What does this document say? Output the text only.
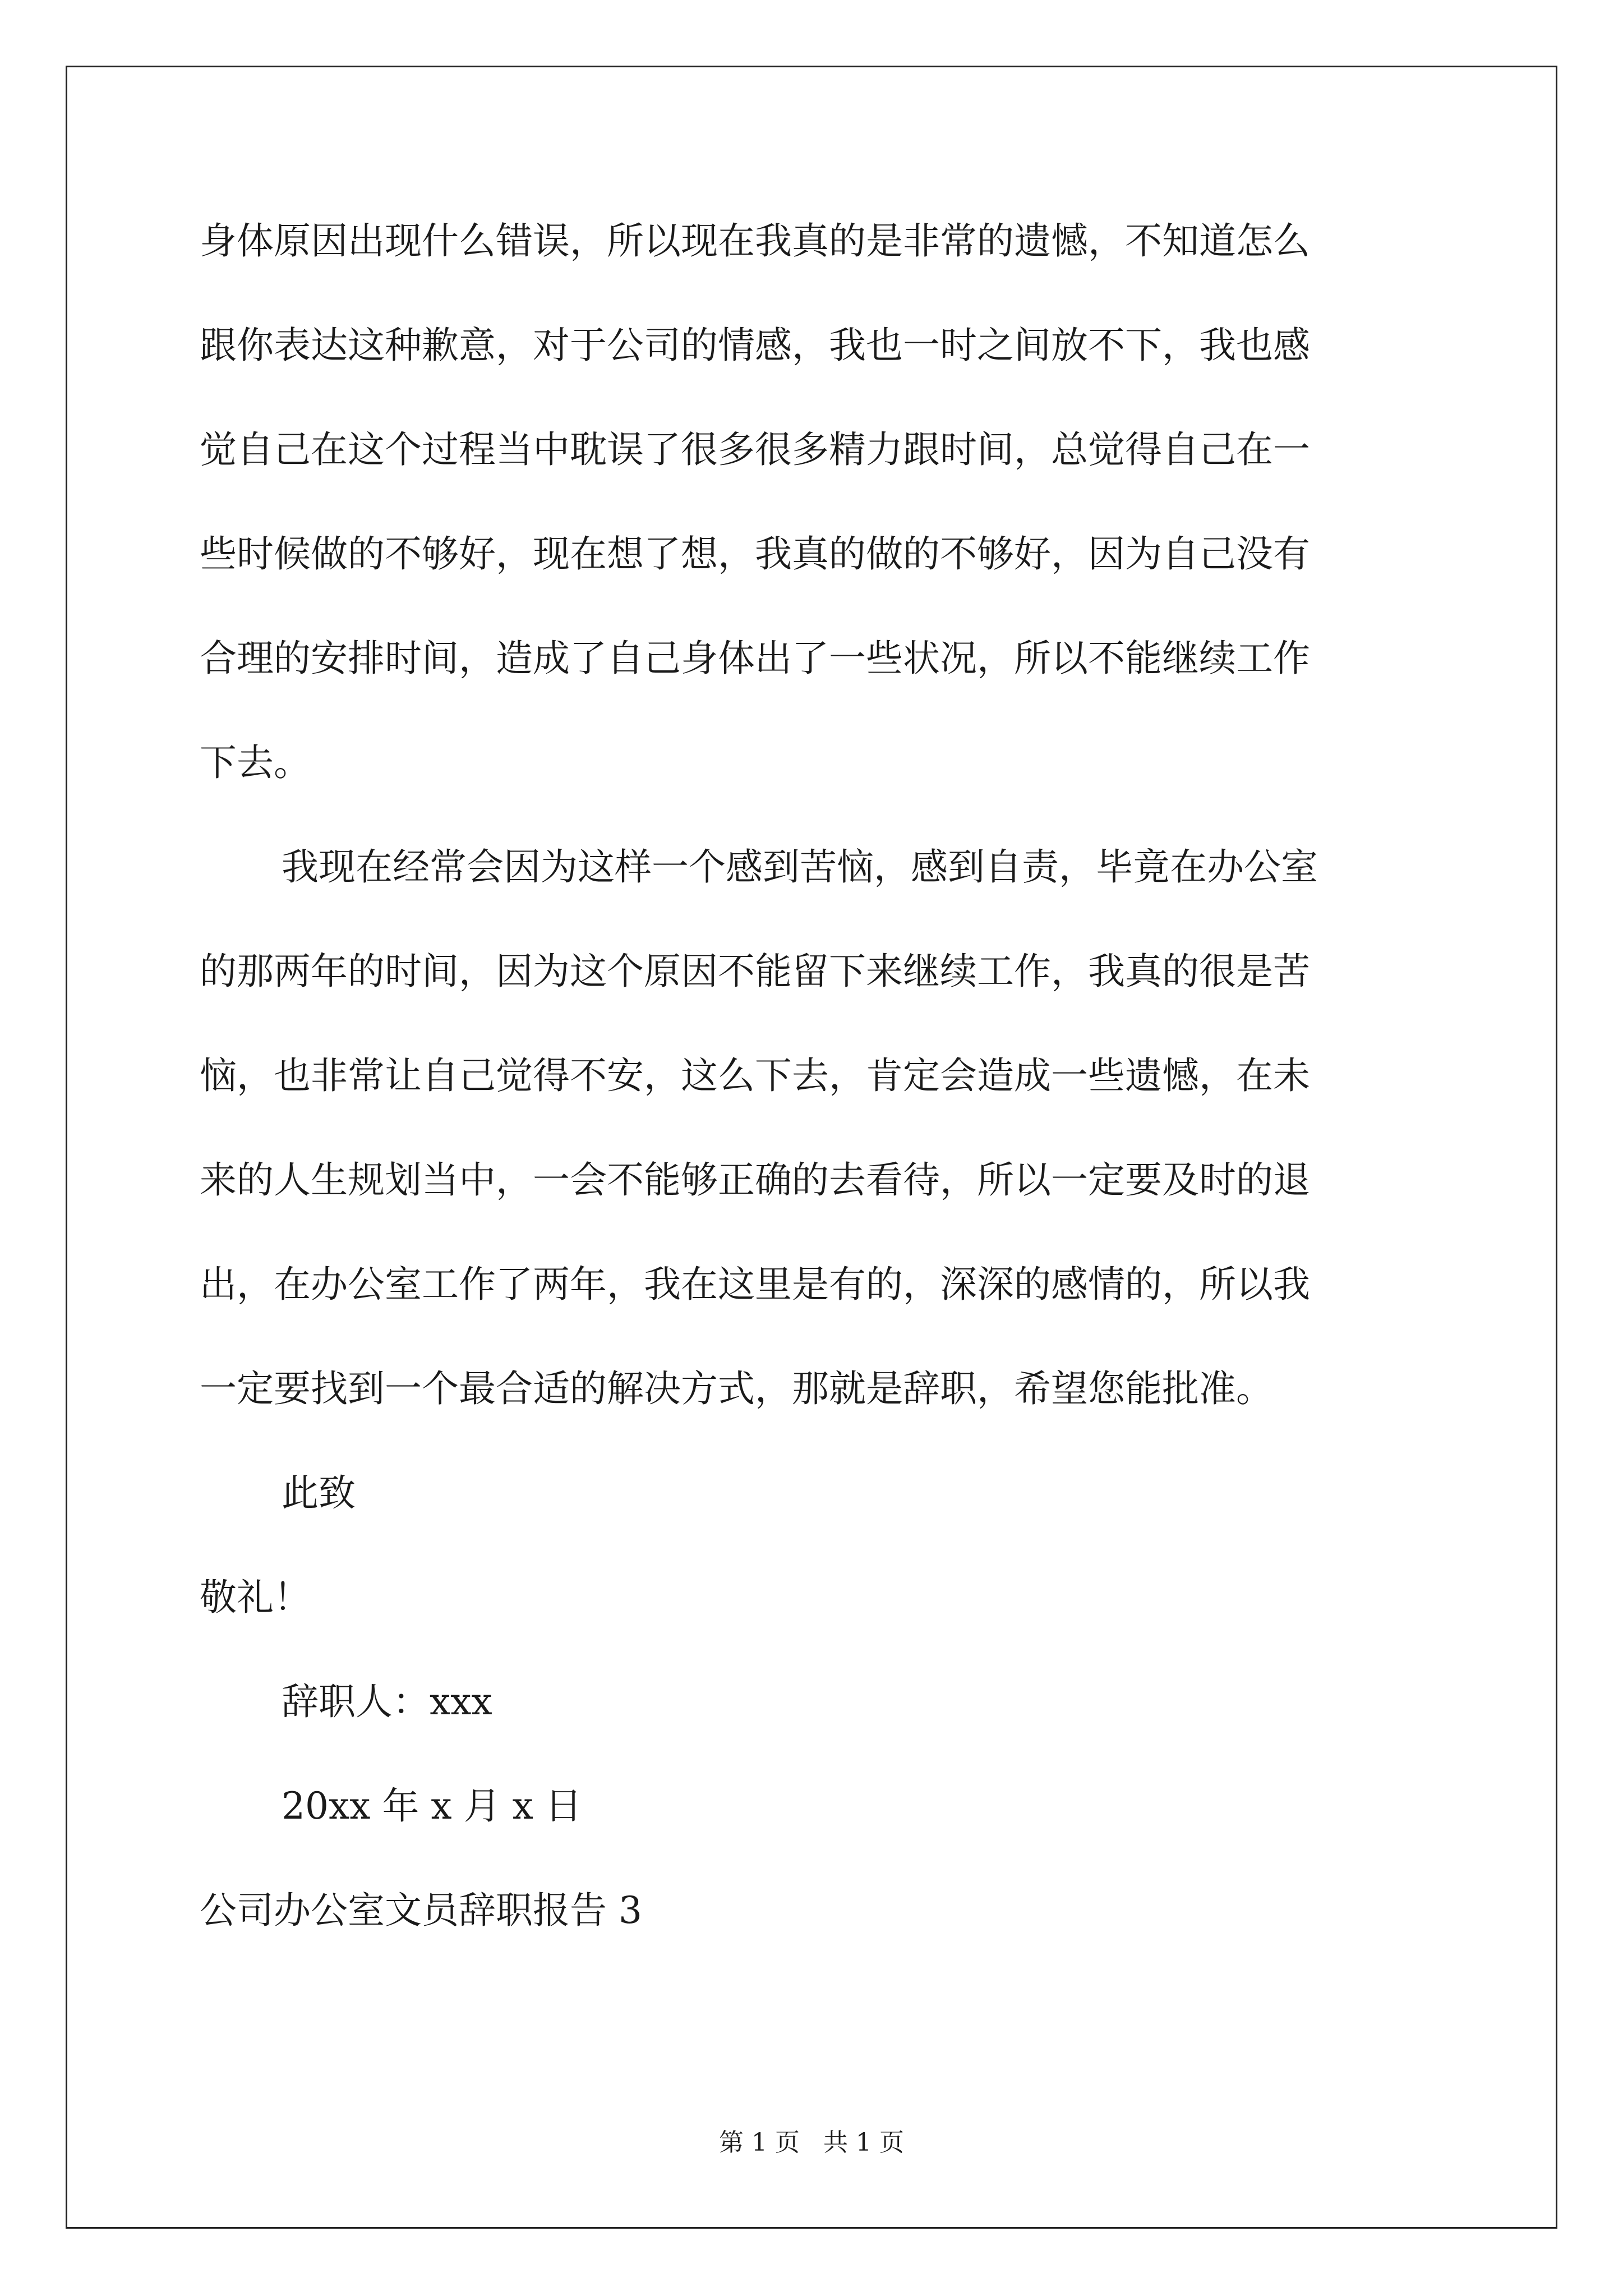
身体原因出现什么错误，所以现在我真的是非常的遗憾，不知道怎么
跟你表达这种歉意，对于公司的情感，我也一时之间放不下，我也感
觉自己在这个过程当中耽误了很多很多精力跟时间，总觉得自己在一
些时候做的不够好，现在想了想，我真的做的不够好，因为自己没有
合理的安排时间，造成了自己身体出了一些状况，所以不能继续工作
下去。
我现在经常会因为这样一个感到苦恼，感到自责，毕竟在办公室
的那两年的时间，因为这个原因不能留下来继续工作，我真的很是苦
恼，也非常让自己觉得不安，这么下去，肯定会造成一些遗憾，在未
来的人生规划当中，一会不能够正确的去看待，所以一定要及时的退
出，在办公室工作了两年，我在这里是有的，深深的感情的，所以我
一定要找到一个最合适的解决方式，那就是辞职，希望您能批准。
此致
敬礼！
辞职人：xxx
20xx 年 x 月 x 日
公司办公室文员辞职报告 3
第 1 页   共 1 页
